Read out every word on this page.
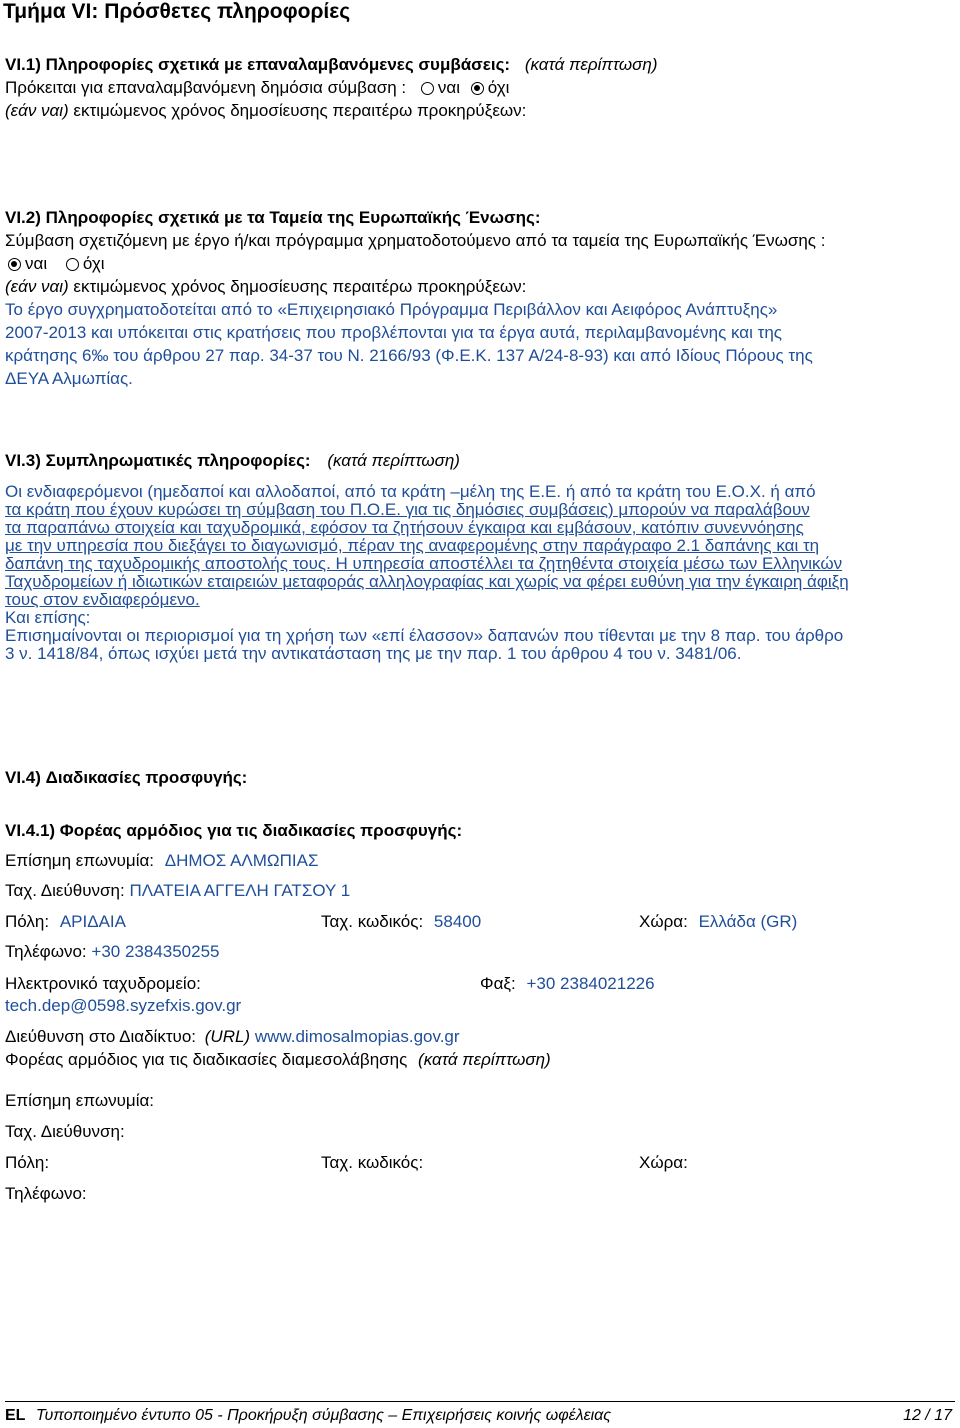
Τμήμα VI: Πρόσθετες πληροφορίες
VI.1) Πληροφορίες σχετικά με επαναλαμβανόμενες συμβάσεις: (κατά περίπτωση)
Πρόκειται για επαναλαμβανόμενη δημόσια σύμβαση : ναι όχι
(εάν ναι) εκτιμώμενος χρόνος δημοσίευσης περαιτέρω προκηρύξεων:
VI.2) Πληροφορίες σχετικά με τα Ταμεία της Ευρωπαϊκής Ένωσης:
Σύμβαση σχετιζόμενη με έργο ή/και πρόγραμμα χρηματοδοτούμενο από τα ταμεία της Ευρωπαϊκής Ένωσης :
ναι όχι
(εάν ναι) εκτιμώμενος χρόνος δημοσίευσης περαιτέρω προκηρύξεων:
Το έργο συγχρηματοδοτείται από το «Επιχειρησιακό Πρόγραμμα Περιβάλλον και Αειφόρος Ανάπτυξης»
2007-2013 και υπόκειται στις κρατήσεις που προβλέπονται για τα έργα αυτά, περιλαμβανομένης και της
κράτησης 6‰ του άρθρου 27 παρ. 34-37 του Ν. 2166/93 (Φ.Ε.Κ. 137 Α/24-8-93) και από Ιδίους Πόρους της
ΔΕΥΑ Αλμωπίας.
VI.3) Συμπληρωματικές πληροφορίες: (κατά περίπτωση)
Οι ενδιαφερόμενοι (ημεδαποί και αλλοδαποί, από τα κράτη –μέλη της Ε.Ε. ή από τα κράτη του Ε.Ο.Χ. ή από
τα κράτη που έχουν κυρώσει τη σύμβαση του Π.Ο.Ε. για τις δημόσιες συμβάσεις) μπορούν να παραλάβουν
τα παραπάνω στοιχεία και ταχυδρομικά, εφόσον τα ζητήσουν έγκαιρα και εμβάσουν, κατόπιν συνεννόησης
με την υπηρεσία που διεξάγει το διαγωνισμό, πέραν της αναφερομένης στην παράγραφο 2.1 δαπάνης και τη
δαπάνη της ταχυδρομικής αποστολής τους. Η υπηρεσία αποστέλλει τα ζητηθέντα στοιχεία μέσω των Ελληνικών
Ταχυδρομείων ή ιδιωτικών εταιρειών μεταφοράς αλληλογραφίας και χωρίς να φέρει ευθύνη για την έγκαιρη άφιξη
τους στον ενδιαφερόμενο.
Και επίσης:
Επισημαίνονται οι περιορισμοί για τη χρήση των «επί έλασσον» δαπανών που τίθενται με την 8 παρ. του άρθρο
3 ν. 1418/84, όπως ισχύει μετά την αντικατάσταση της με την παρ. 1 του άρθρου 4 του ν. 3481/06.
VI.4) Διαδικασίες προσφυγής:
VI.4.1) Φορέας αρμόδιος για τις διαδικασίες προσφυγής:
Επίσημη επωνυμία: ΔΗΜΟΣ ΑΛΜΩΠΙΑΣ
Ταχ. Διεύθυνση: ΠΛΑΤΕΙΑ ΑΓΓΕΛΗ ΓΑΤΣΟΥ 1
Πόλη: ΑΡΙΔΑΙΑ	Ταχ. κωδικός: 58400	Χώρα: Ελλάδα (GR)
Τηλέφωνο: +30 2384350255
Ηλεκτρονικό ταχυδρομείο:
tech.dep@0598.syzefxis.gov.gr
Φαξ: +30 2384021226
Διεύθυνση στο Διαδίκτυο: (URL) www.dimosalmopias.gov.gr
Φορέας αρμόδιος για τις διαδικασίες διαμεσολάβησης (κατά περίπτωση)
Επίσημη επωνυμία:
Ταχ. Διεύθυνση:
Πόλη:	Ταχ. κωδικός:	Χώρα:
Τηλέφωνο:
EL Τυποποιημένο έντυπο 05 - Προκήρυξη σύμβασης – Επιχειρήσεις κοινής ωφέλειας	12 / 17
